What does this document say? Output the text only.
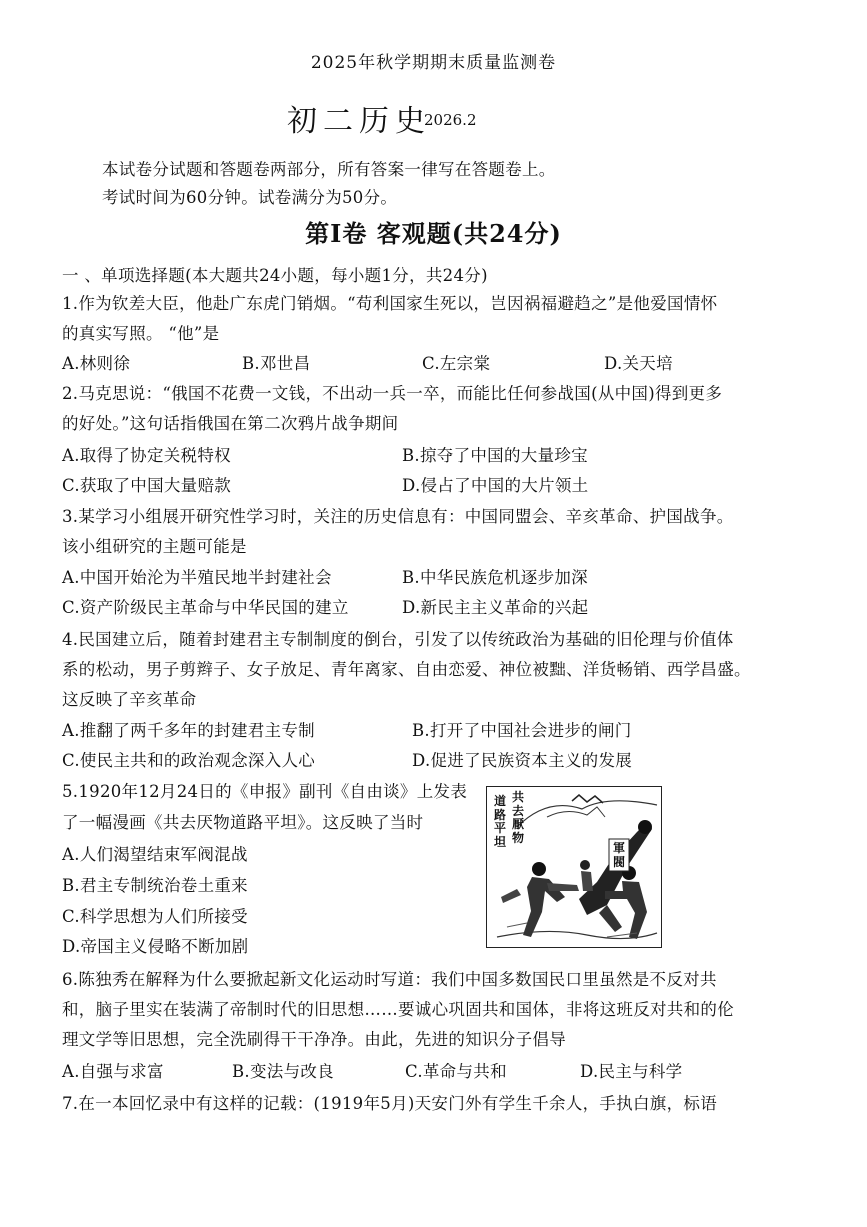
2025年秋学期期末质量监测卷
初二历史
2026.2
本试卷分试题和答题卷两部分，所有答案一律写在答题卷上。
考试时间为60分钟。试卷满分为50分。
第Ⅰ卷 客观题(共24分)
一 、单项选择题(本大题共24小题，每小题1分，共24分)
1.作为钦差大臣，他赴广东虎门销烟。“苟利国家生死以，岂因祸福避趋之”是他爱国情怀
的真实写照。 “他”是
A.林则徐	B.邓世昌	C.左宗棠	D.关天培
2.马克思说：“俄国不花费一文钱，不出动一兵一卒，而能比任何参战国(从中国)得到更多
的好处。”这句话指俄国在第二次鸦片战争期间
A.取得了协定关税特权	B.掠夺了中国的大量珍宝
C.获取了中国大量赔款	D.侵占了中国的大片领土
3.某学习小组展开研究性学习时，关注的历史信息有：中国同盟会、辛亥革命、护国战争。
该小组研究的主题可能是
A.中国开始沦为半殖民地半封建社会	B.中华民族危机逐步加深
C.资产阶级民主革命与中华民国的建立	D.新民主主义革命的兴起
4.民国建立后，随着封建君主专制制度的倒台，引发了以传统政治为基础的旧伦理与价值体
系的松动，男子剪辫子、女子放足、青年离家、自由恋爱、神位被黜、洋货畅销、西学昌盛。
这反映了辛亥革命
A.推翻了两千多年的封建君主专制	B.打开了中国社会进步的闸门
C.使民主共和的政治观念深入人心	D.促进了民族资本主义的发展
5.1920年12月24日的《申报》副刊《自由谈》上发表
了一幅漫画《共去厌物道路平坦》。这反映了当时
A.人们渴望结束军阀混战
B.君主专制统治卷土重来
C.科学思想为人们所接受
D.帝国主义侵略不断加剧
道路平坦
共去厭物
軍閥
6.陈独秀在解释为什么要掀起新文化运动时写道：我们中国多数国民口里虽然是不反对共
和，脑子里实在装满了帝制时代的旧思想……要诚心巩固共和国体，非将这班反对共和的伦
理文学等旧思想，完全洗刷得干干净净。由此，先进的知识分子倡导
A.自强与求富	B.变法与改良	C.革命与共和	D.民主与科学
7.在一本回忆录中有这样的记载：(1919年5月)天安门外有学生千余人，手执白旗，标语
